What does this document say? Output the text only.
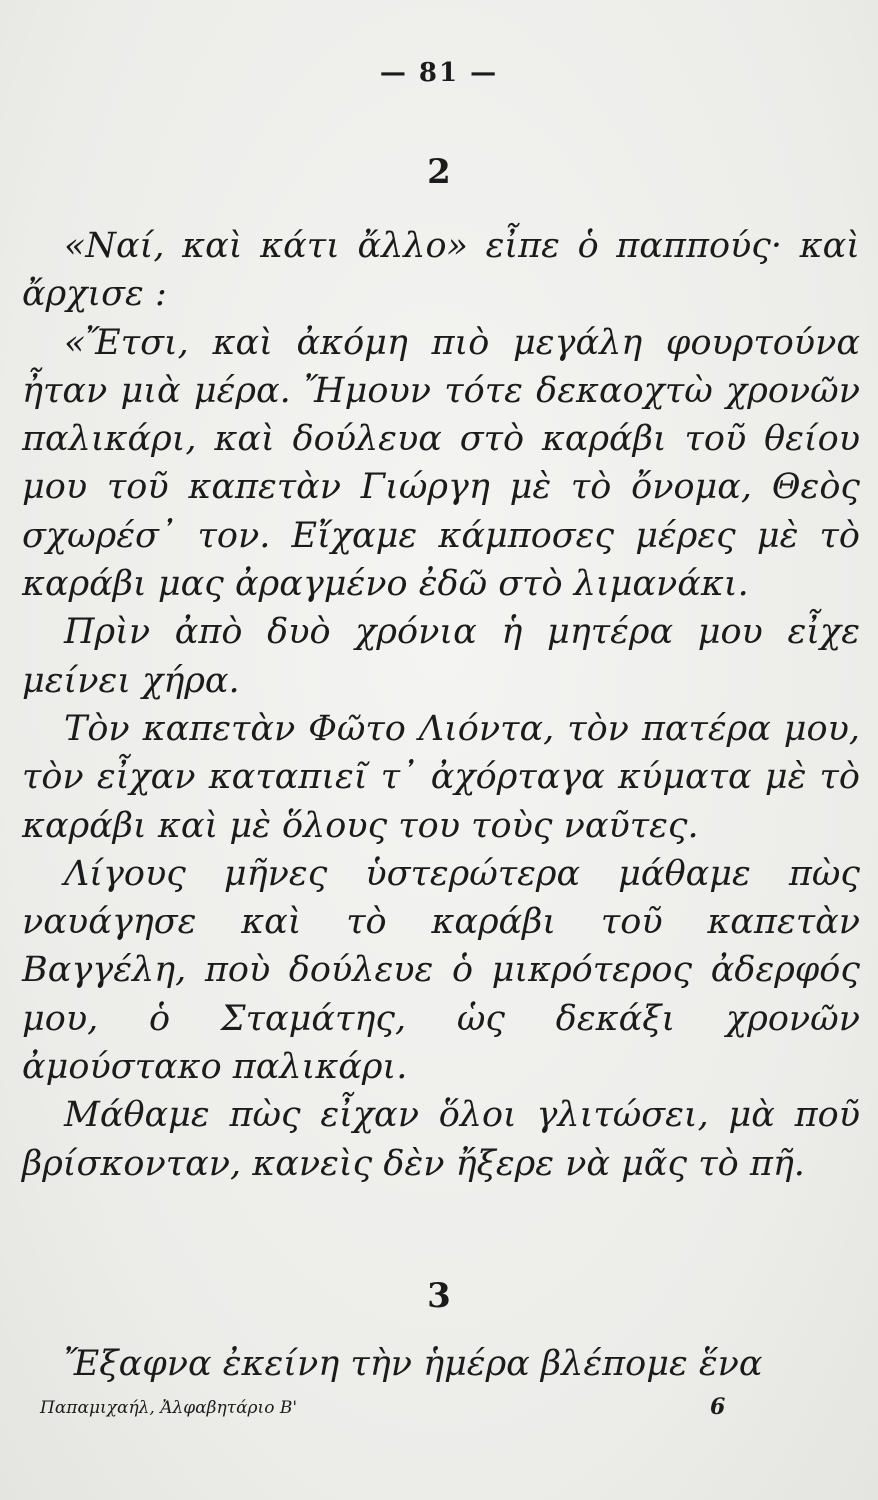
— 81 —
2

«Ναί, καὶ κάτι ἄλλο» εἶπε ὁ παππούς· καὶ ἄρχισε :

«Ἔτσι, καὶ ἀκόμη πιὸ μεγάλη φουρτούνα ἦταν μιὰ μέρα. Ἤμουν τότε δεκαοχτὼ χρονῶν παλικάρι, καὶ δούλευα στὸ καράβι τοῦ θείου μου τοῦ καπετὰν Γιώργη μὲ τὸ ὄνομα, Θεὸς σχωρέσ᾿ τον. Εἴχαμε κάμποσες μέρες μὲ τὸ καράβι μας ἀραγμένο ἐδῶ στὸ λιμανάκι.

Πρὶν ἀπὸ δυὸ χρόνια ἡ μητέρα μου εἶχε μείνει χήρα.

Τὸν καπετὰν Φῶτο Λιόντα, τὸν πατέρα μου, τὸν εἶχαν καταπιεῖ τ᾿ ἀχόρταγα κύματα μὲ τὸ καράβι καὶ μὲ ὅλους του τοὺς ναῦτες.

Λίγους μῆνες ὑστερώτερα μάθαμε πὼς ναυάγησε καὶ τὸ καράβι τοῦ καπετὰν Βαγγέλη, ποὺ δούλευε ὁ μικρότερος ἀδερφός μου, ὁ Σταμάτης, ὡς δεκάξι χρονῶν ἀμούστακο παλικάρι.

Μάθαμε πὼς εἶχαν ὅλοι γλιτώσει, μὰ ποῦ βρίσκονταν, κανεὶς δὲν ἤξερε νὰ μᾶς τὸ πῆ.

3

Ἔξαφνα ἐκείνη τὴν ἡμέρα βλέπομε ἕνα

Παπαμιχαήλ, Ἀλφαβητάριο Β'	6
